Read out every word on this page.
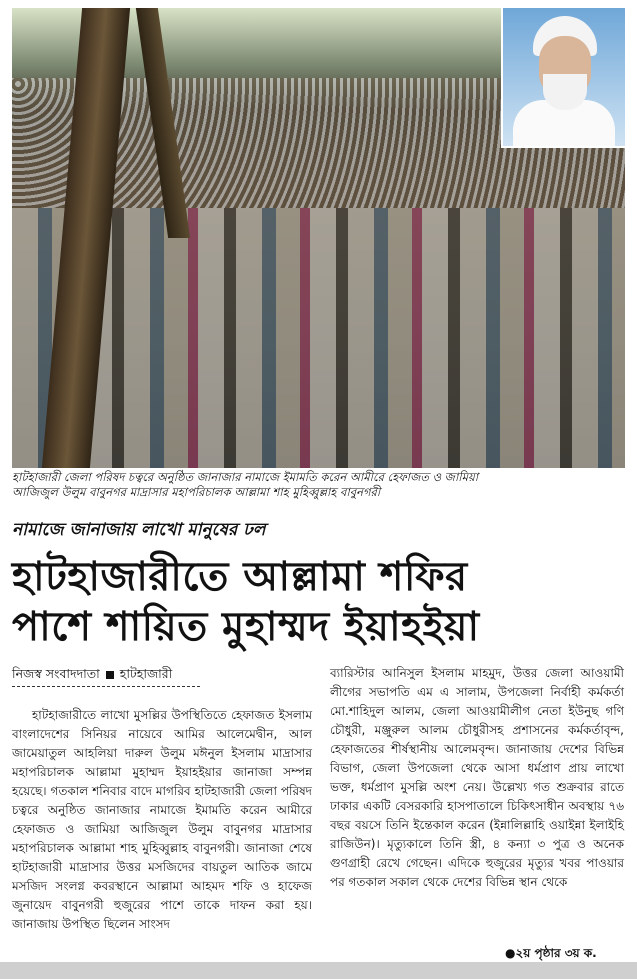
হাটহাজারী জেলা পরিষদ চত্বরে অনুষ্ঠিত জানাজার নামাজে ইমামতি করেন আমীরে হেফাজত ও জামিয়া
আজিজুল উলুম বাবুনগর মাদ্রাসার মহাপরিচালক আল্লামা শাহ মুহিব্বুল্লাহ বাবুনগরী
নামাজে জানাজায় লাখো মানুষের ঢল
হাটহাজারীতে আল্লামা শফির
পাশে শায়িত মুহাম্মদ ইয়াহইয়া
নিজস্ব সংবাদদাতা হাটহাজারী
হাটহাজারীতে লাখো মুসল্লির উপস্থিতিতে হেফাজত ইসলাম বাংলাদেশের সিনিয়র নায়েবে আমির আলেমেদ্বীন, আল জামেয়াতুল আহলিয়া দারুল উলুম মঈনুল ইসলাম মাদ্রাসার মহাপরিচালক আল্লামা মুহাম্মদ ইয়াহইয়ার জানাজা সম্পন্ন হয়েছে। গতকাল শনিবার বাদে মাগরিব হাটহাজারী জেলা পরিষদ চত্বরে অনুষ্ঠিত জানাজার নামাজে ইমামতি করেন আমীরে হেফাজত ও জামিয়া আজিজুল উলুম বাবুনগর মাদ্রাসার মহাপরিচালক আল্লামা শাহ মুহিব্বুল্লাহ বাবুনগরী। জানাজা শেষে হাটহাজারী মাদ্রাসার উত্তর মসজিদের বায়তুল আতিক জামে মসজিদ সংলগ্ন কবরস্থানে আল্লামা আহমদ শফি ও হাফেজ জুনায়েদ বাবুনগরী হুজুরের পাশে তাকে দাফন করা হয়। জানাজায় উপস্থিত ছিলেন সাংসদ
ব্যারিস্টার আনিসুল ইসলাম মাহমুদ, উত্তর জেলা আওয়ামী লীগের সভাপতি এম এ সালাম, উপজেলা নির্বাহী কর্মকর্তা মো.শাহিদুল আলম, জেলা আওয়ামীলীগ নেতা ইউনুছ গণি চৌধুরী, মঞ্জুরুল আলম চৌধুরীসহ প্রশাসনের কর্মকর্তাবৃন্দ, হেফাজতের শীর্ষস্থানীয় আলেমবৃন্দ। জানাজায় দেশের বিভিন্ন বিভাগ, জেলা উপজেলা থেকে আসা ধর্মপ্রাণ প্রায় লাখো ভক্ত, ধর্মপ্রাণ মুসল্লি অংশ নেয়। উল্লেখ্য গত শুক্রবার রাতে ঢাকার একটি বেসরকারি হাসপাতালে চিকিৎসাধীন অবস্থায় ৭৬ বছর বয়সে তিনি ইন্তেকাল করেন (ইন্নালিল্লাহি ওয়াইন্না ইলাইহি রাজিউন)। মৃত্যুকালে তিনি স্ত্রী, ৪ কন্যা ৩ পুত্র ও অনেক গুণগ্রাহী রেখে গেছেন। এদিকে হুজুরের মৃত্যুর খবর পাওয়ার পর গতকাল সকাল থেকে দেশের বিভিন্ন স্থান থেকে
●২য় পৃষ্ঠার ৩য় ক.
